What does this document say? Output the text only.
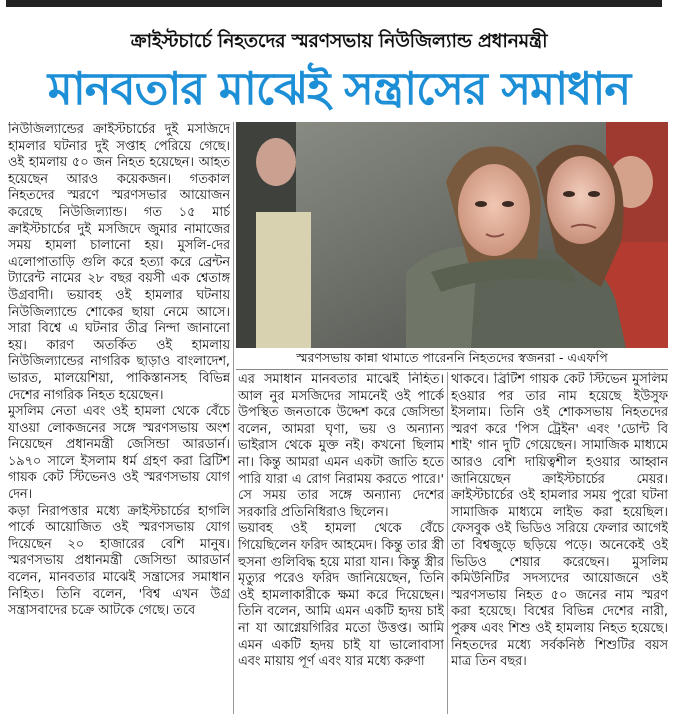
ক্রাইস্টচার্চে নিহতদের স্মরণসভায় নিউজিল্যান্ড প্রধানমন্ত্রী
মানবতার মাঝেই সন্ত্রাসের সমাধান

নিউজিল্যান্ডের ক্রাইস্টচার্চের দুই মসজিদে হামলার ঘটনার দুই সপ্তাহ পেরিয়ে গেছে। ওই হামলায় ৫০ জন নিহত হয়েছেন। আহত হয়েছেন আরও কয়েকজন। গতকাল নিহতদের স্মরণে স্মরণসভার আয়োজন করেছে নিউজিল্যান্ড। গত ১৫ মার্চ ক্রাইস্টচার্চের দুই মসজিদে জুমার নামাজের সময় হামলা চালানো হয়। মুসলি-দের এলোপাতাড়ি গুলি করে হত্যা করে ব্রেন্টন ট্যারেন্ট নামের ২৮ বছর বয়সী এক শ্বেতাঙ্গ উগ্রবাদী। ভয়াবহ ওই হামলার ঘটনায় নিউজিল্যান্ডে শোকের ছায়া নেমে আসে। সারা বিশ্বে এ ঘটনার তীব্র নিন্দা জানানো হয়। কারণ অতর্কিত ওই হামলায় নিউজিল্যান্ডের নাগরিক ছাড়াও বাংলাদেশ, ভারত, মালয়েশিয়া, পাকিস্তানসহ বিভিন্ন দেশের নাগরিক নিহত হয়েছেন।

মুসলিম নেতা এবং ওই হামলা থেকে বেঁচে যাওয়া লোকজনের সঙ্গে স্মরণসভায় অংশ নিয়েছেন প্রধানমন্ত্রী জেসিন্ডা আরডার্ন। ১৯৭০ সালে ইসলাম ধর্ম গ্রহণ করা ব্রিটিশ গায়ক কেট স্টিভেনও ওই স্মরণসভায় যোগ দেন।

কড়া নিরাপত্তার মধ্যে ক্রাইস্টচার্চের হাগলি পার্কে আয়োজিত ওই স্মরণসভায় যোগ দিয়েছেন ২০ হাজারের বেশি মানুষ। স্মরণসভায় প্রধানমন্ত্রী জেসিন্ডা আরডার্ন বলেন, মানবতার মাঝেই সন্ত্রাসের সমাধান নিহিত। তিনি বলেন, 'বিশ্ব এখন উগ্র সন্ত্রাসবাদের চক্রে আটকে গেছে। তবে

স্মরণসভায় কান্না থামাতে পারেননি নিহতদের স্বজনরা - এএফপি

এর সমাধান মানবতার মাঝেই নিহিত। আল নুর মসজিদের সামনেই ওই পার্কে উপস্থিত জনতাকে উদ্দেশ করে জেসিন্ডা বলেন, আমরা ঘৃণা, ভয় ও অন্যান্য ভাইরাস থেকে মুক্ত নই। কখনো ছিলাম না। কিন্তু আমরা এমন একটা জাতি হতে পারি যারা এ রোগ নিরাময় করতে পারে।' সে সময় তার সঙ্গে অন্যান্য দেশের সরকারি প্রতিনিধিরাও ছিলেন।

ভয়াবহ ওই হামলা থেকে বেঁচে গিয়েছিলেন ফরিদ আহমেদ। কিন্তু তার স্ত্রী হুসনা গুলিবিদ্ধ হয়ে মারা যান। কিন্তু স্ত্রীর মৃত্যুর পরেও ফরিদ জানিয়েছেন, তিনি ওই হামলাকারীকে ক্ষমা করে দিয়েছেন। তিনি বলেন, আমি এমন একটি হৃদয় চাই না যা আগ্নেয়গিরির মতো উত্তপ্ত। আমি এমন একটি হৃদয় চাই যা ভালোবাসা এবং মায়ায় পূর্ণ এবং যার মধ্যে করুণা

থাকবে। ব্রিটিশ গায়ক কেট স্টিভেন মুসলিম হওয়ার পর তার নাম হয়েছে ইউসুফ ইসলাম। তিনি ওই শোকসভায় নিহতদের স্মরণ করে 'পিস ট্রেইন' এবং 'ডোন্ট বি শাই' গান দুটি গেয়েছেন। সামাজিক মাধ্যমে আরও বেশি দায়িত্বশীল হওয়ার আহ্বান জানিয়েছেন ক্রাইস্টচার্চের মেয়র। ক্রাইস্টচার্চের ওই হামলার সময় পুরো ঘটনা সামাজিক মাধ্যমে লাইভ করা হয়েছিল। ফেসবুক ওই ভিডিও সরিয়ে ফেলার আগেই তা বিশ্বজুড়ে ছড়িয়ে পড়ে। অনেকেই ওই ভিডিও শেয়ার করেছেন। মুসলিম কমিউনিটির সদস্যদের আয়োজনে ওই স্মরণসভায় নিহত ৫০ জনের নাম স্মরণ করা হয়েছে। বিশ্বের বিভিন্ন দেশের নারী, পুরুষ এবং শিশু ওই হামলায় নিহত হয়েছে। নিহতদের মধ্যে সর্বকনিষ্ঠ শিশুটির বয়স মাত্র তিন বছর।
